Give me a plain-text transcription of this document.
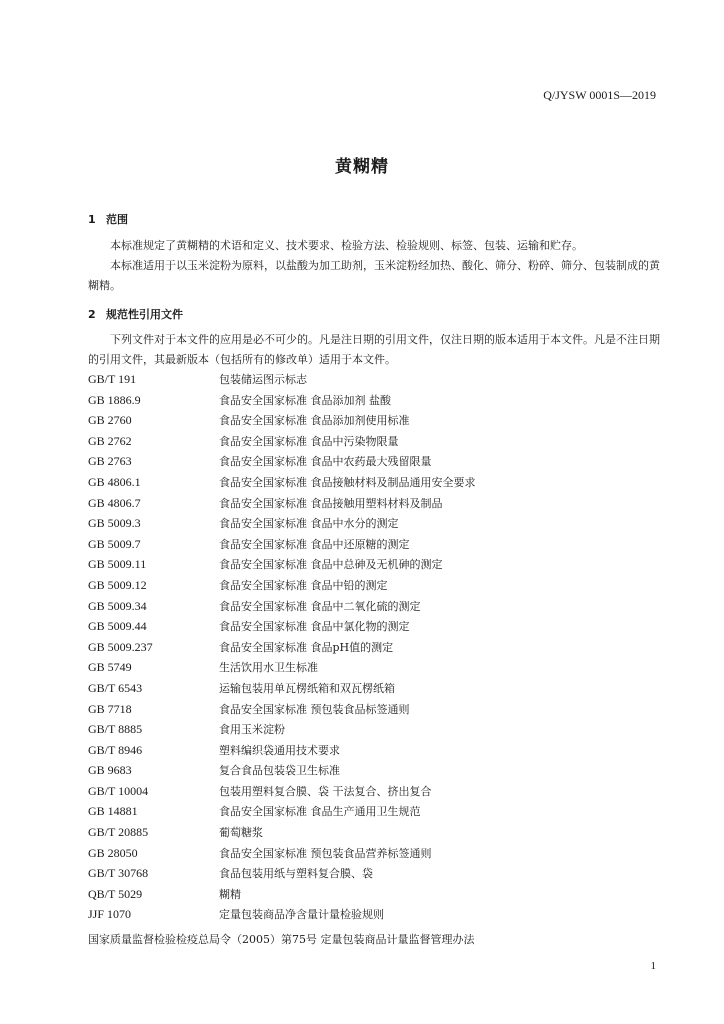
Q/JYSW 0001S—2019
黄糊精
1 范围
本标准规定了黄糊精的术语和定义、技术要求、检验方法、检验规则、标签、包装、运输和贮存。
本标准适用于以玉米淀粉为原料，以盐酸为加工助剂，玉米淀粉经加热、酸化、筛分、粉碎、筛分、包装制成的黄糊精。
2 规范性引用文件
下列文件对于本文件的应用是必不可少的。凡是注日期的引用文件，仅注日期的版本适用于本文件。凡是不注日期的引用文件，其最新版本（包括所有的修改单）适用于本文件。
GB/T 191	包装储运图示标志
GB 1886.9	食品安全国家标准 食品添加剂 盐酸
GB 2760	食品安全国家标准 食品添加剂使用标准
GB 2762	食品安全国家标准 食品中污染物限量
GB 2763	食品安全国家标准 食品中农药最大残留限量
GB 4806.1	食品安全国家标准 食品接触材料及制品通用安全要求
GB 4806.7	食品安全国家标准 食品接触用塑料材料及制品
GB 5009.3	食品安全国家标准 食品中水分的测定
GB 5009.7	食品安全国家标准 食品中还原糖的测定
GB 5009.11	食品安全国家标准 食品中总砷及无机砷的测定
GB 5009.12	食品安全国家标准 食品中铅的测定
GB 5009.34	食品安全国家标准 食品中二氧化硫的测定
GB 5009.44	食品安全国家标准 食品中氯化物的测定
GB 5009.237	食品安全国家标准 食品pH值的测定
GB 5749	生活饮用水卫生标准
GB/T 6543	运输包装用单瓦楞纸箱和双瓦楞纸箱
GB 7718	食品安全国家标准 预包装食品标签通则
GB/T 8885	食用玉米淀粉
GB/T 8946	塑料编织袋通用技术要求
GB 9683	复合食品包装袋卫生标准
GB/T 10004	包装用塑料复合膜、袋 干法复合、挤出复合
GB 14881	食品安全国家标准 食品生产通用卫生规范
GB/T 20885	葡萄糖浆
GB 28050	食品安全国家标准 预包装食品营养标签通则
GB/T 30768	食品包装用纸与塑料复合膜、袋
QB/T 5029	糊精
JJF 1070	定量包装商品净含量计量检验规则
国家质量监督检验检疫总局令（2005）第75号 定量包装商品计量监督管理办法
1
